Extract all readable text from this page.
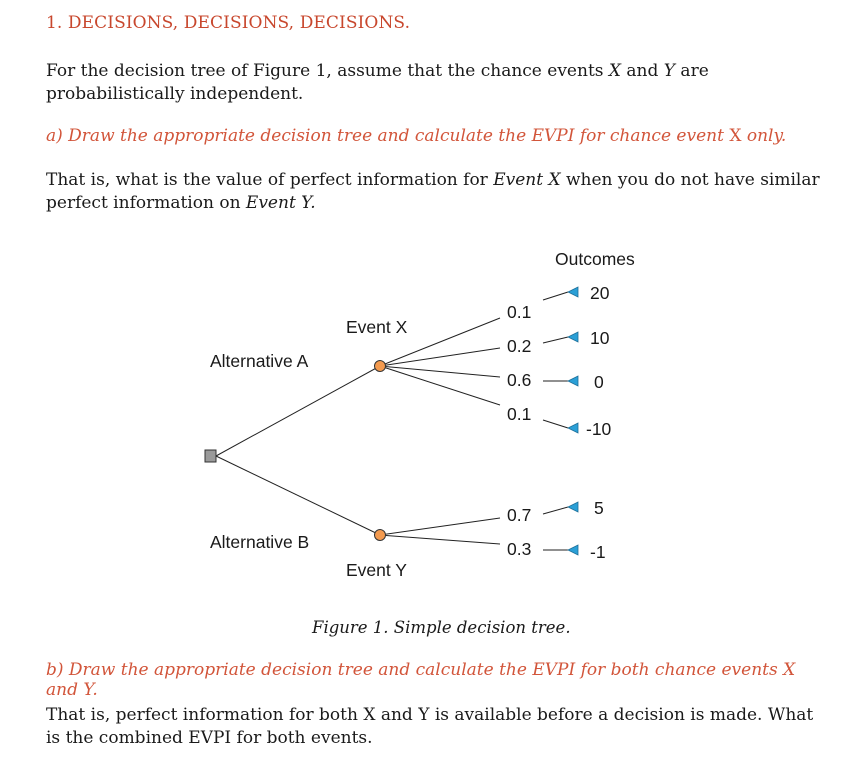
1. DECISIONS, DECISIONS, DECISIONS.
For the decision tree of Figure 1, assume that the chance events X and Y are probabilistically independent.
a) Draw the appropriate decision tree and calculate the EVPI for chance event X only.
That is, what is the value of perfect information for Event X when you do not have similar perfect information on Event Y.
Outcomes
Alternative A
Alternative B
Event X
Event Y
0.1
0.2
0.6
0.1
0.7
0.3
20
10
0
-10
5
-1
Figure 1. Simple decision tree.
b) Draw the appropriate decision tree and calculate the EVPI for both chance events X and Y.
That is, perfect information for both X and Y is available before a decision is made. What is the combined EVPI for both events.
